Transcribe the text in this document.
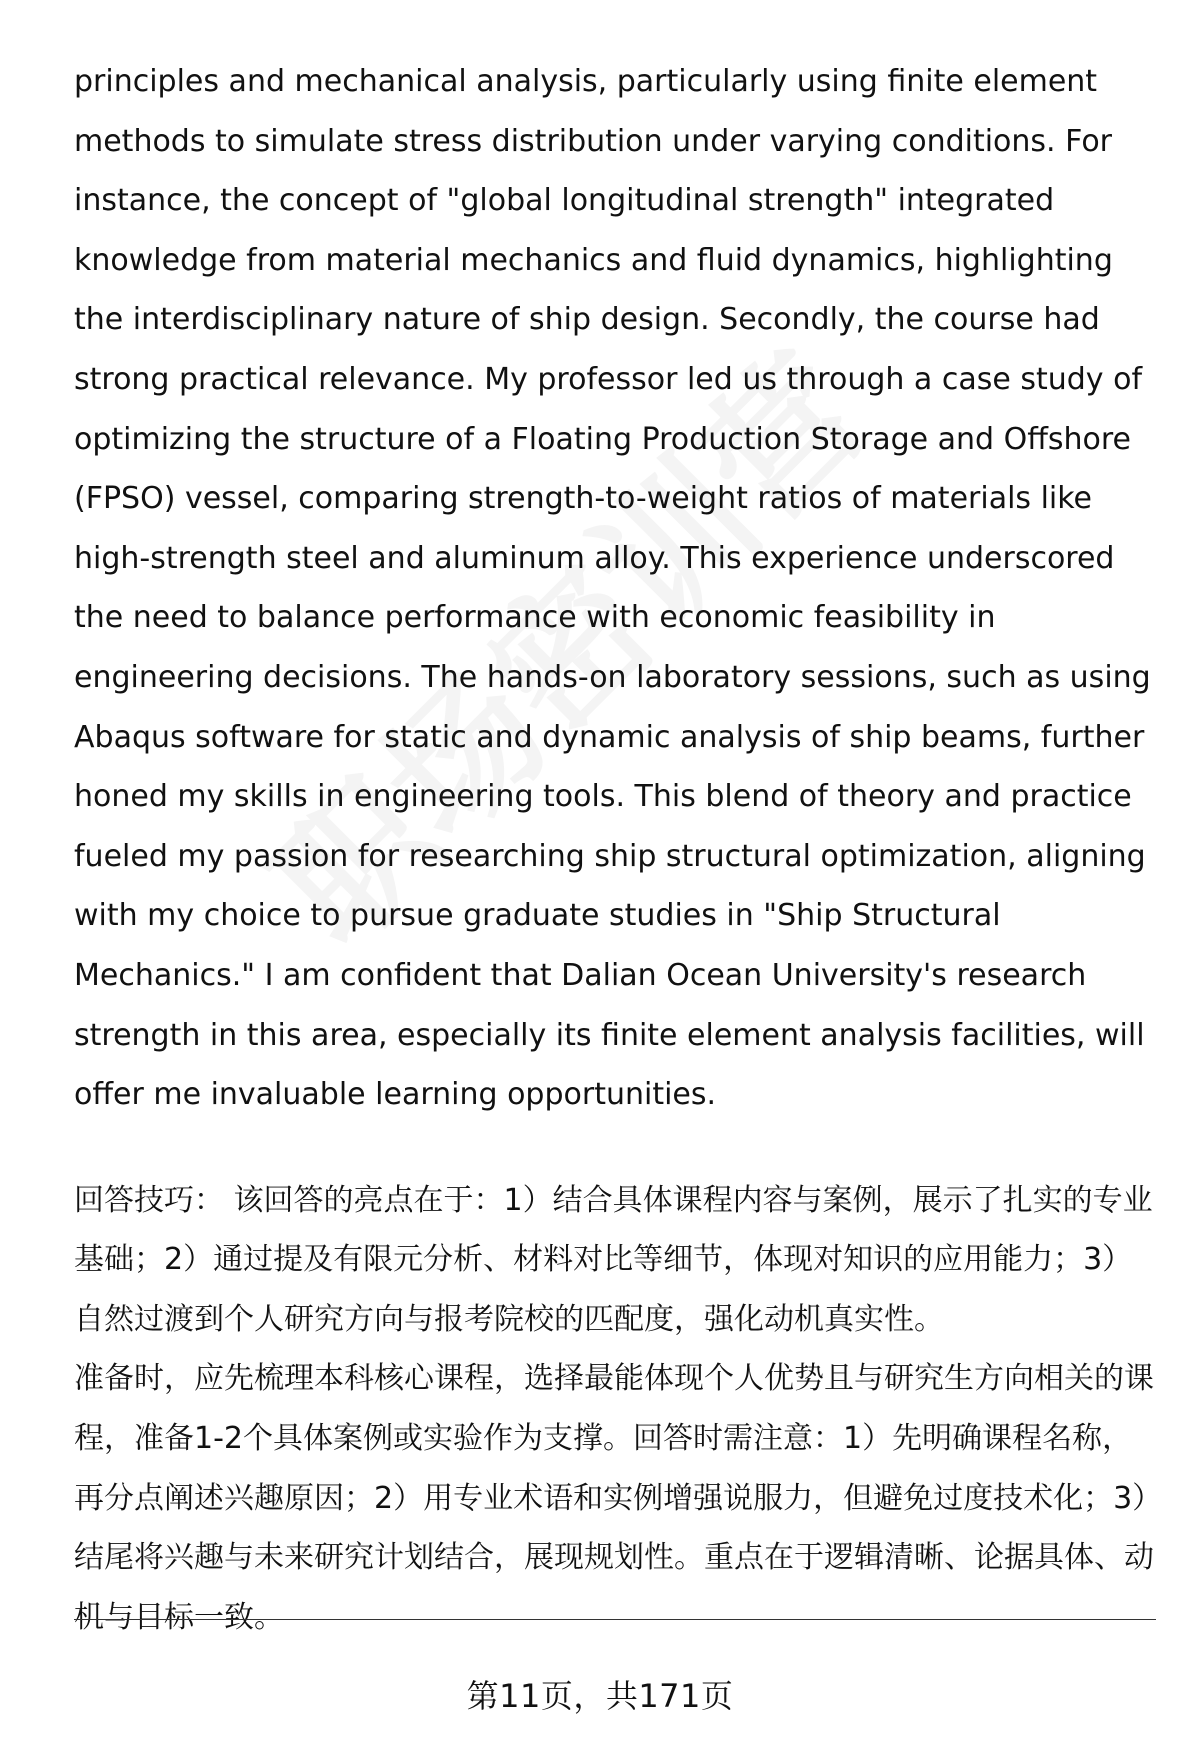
principles and mechanical analysis, particularly using finite element methods to simulate stress distribution under varying conditions. For instance, the concept of "global longitudinal strength" integrated knowledge from material mechanics and fluid dynamics, highlighting the interdisciplinary nature of ship design. Secondly, the course had strong practical relevance. My professor led us through a case study of optimizing the structure of a Floating Production Storage and Offshore (FPSO) vessel, comparing strength-to-weight ratios of materials like high-strength steel and aluminum alloy. This experience underscored the need to balance performance with economic feasibility in engineering decisions. The hands-on laboratory sessions, such as using Abaqus software for static and dynamic analysis of ship beams, further honed my skills in engineering tools. This blend of theory and practice fueled my passion for researching ship structural optimization, aligning with my choice to pursue graduate studies in "Ship Structural Mechanics." I am confident that Dalian Ocean University's research strength in this area, especially its finite element analysis facilities, will offer me invaluable learning opportunities.

回答技巧： 该回答的亮点在于：1）结合具体课程内容与案例，展示了扎实的专业基础；2）通过提及有限元分析、材料对比等细节，体现对知识的应用能力；3）自然过渡到个人研究方向与报考院校的匹配度，强化动机真实性。

准备时，应先梳理本科核心课程，选择最能体现个人优势且与研究生方向相关的课程，准备1-2个具体案例或实验作为支撑。回答时需注意：1）先明确课程名称，再分点阐述兴趣原因；2）用专业术语和实例增强说服力，但避免过度技术化；3）结尾将兴趣与未来研究计划结合，展现规划性。重点在于逻辑清晰、论据具体、动机与目标一致。

第11页，共171页
